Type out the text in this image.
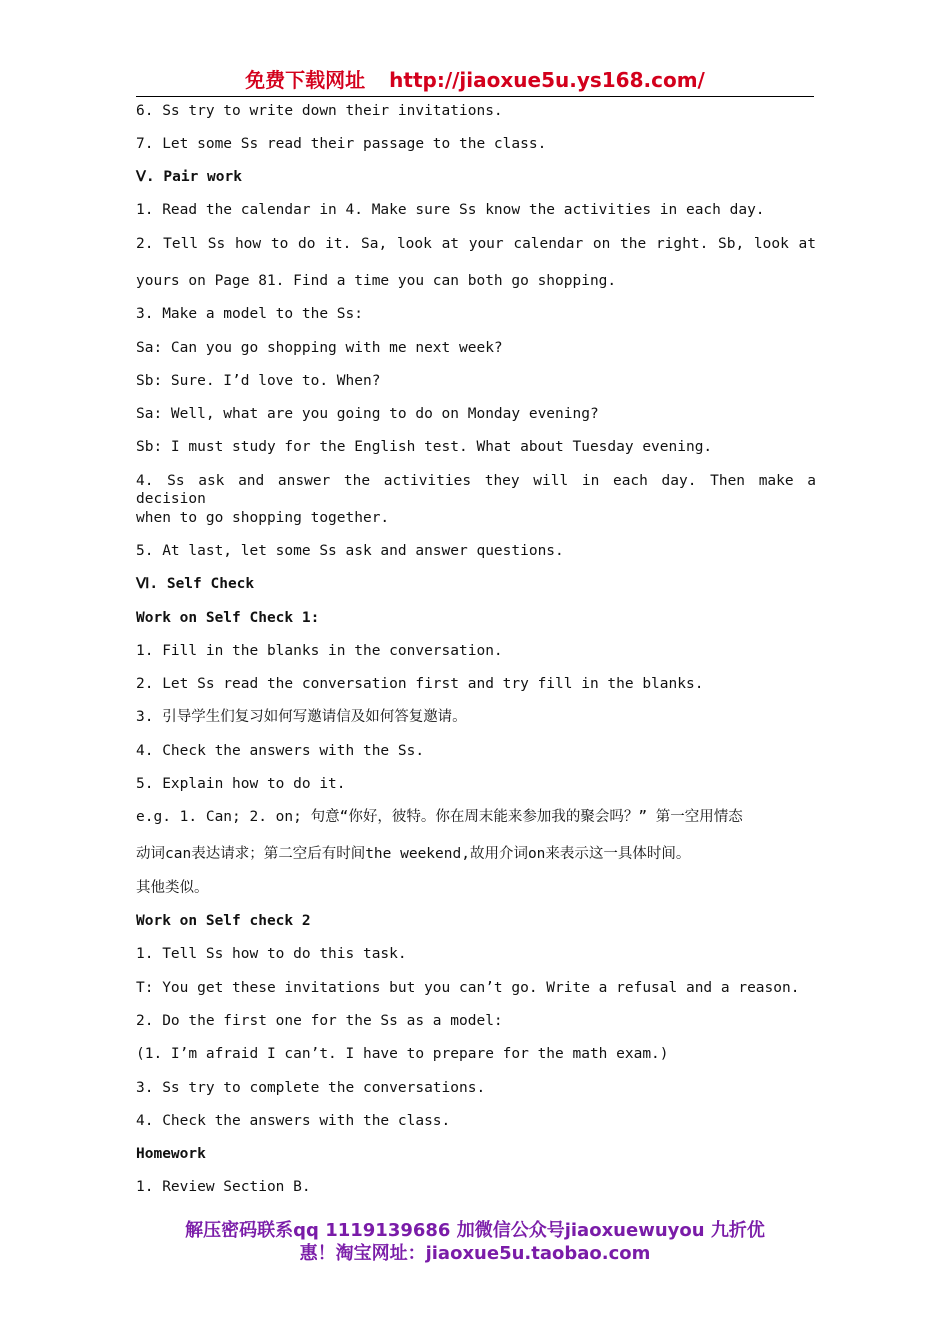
免费下载网址 http://jiaoxue5u.ys168.com/
6. Ss try to write down their invitations.
7. Let some Ss read their passage to the class.
Ⅴ. Pair work
1. Read the calendar in 4. Make sure Ss know the activities in each day.
2. Tell Ss how to do it. Sa, look at your calendar on the right. Sb, look at
yours on Page 81. Find a time you can both go shopping.
3. Make a model to the Ss:
Sa: Can you go shopping with me next week?
Sb: Sure. I’d love to. When?
Sa: Well, what are you going to do on Monday evening?
Sb: I must study for the English test. What about Tuesday evening.
4. Ss ask and answer the activities they will in each day. Then make a decision
when to go shopping together.
5. At last, let some Ss ask and answer questions.
Ⅵ. Self Check
Work on Self Check 1:
1. Fill in the blanks in the conversation.
2. Let Ss read the conversation first and try fill in the blanks.
3. 引导学生们复习如何写邀请信及如何答复邀请。
4. Check the answers with the Ss.
5. Explain how to do it.
e.g. 1. Can; 2. on; 句意“你好，彼特。你在周末能来参加我的聚会吗？” 第一空用情态
动词can表达请求；第二空后有时间the weekend,故用介词on来表示这一具体时间。
其他类似。
Work on Self check 2
1. Tell Ss how to do this task.
T: You get these invitations but you can’t go. Write a refusal and a reason.
2. Do the first one for the Ss as a model:
(1. I’m afraid I can’t. I have to prepare for the math exam.)
3. Ss try to complete the conversations.
4. Check the answers with the class.
Homework
1. Review Section B.
解压密码联系qq 1119139686 加微信公众号jiaoxuewuyou 九折优
惠！淘宝网址：jiaoxue5u.taobao.com
